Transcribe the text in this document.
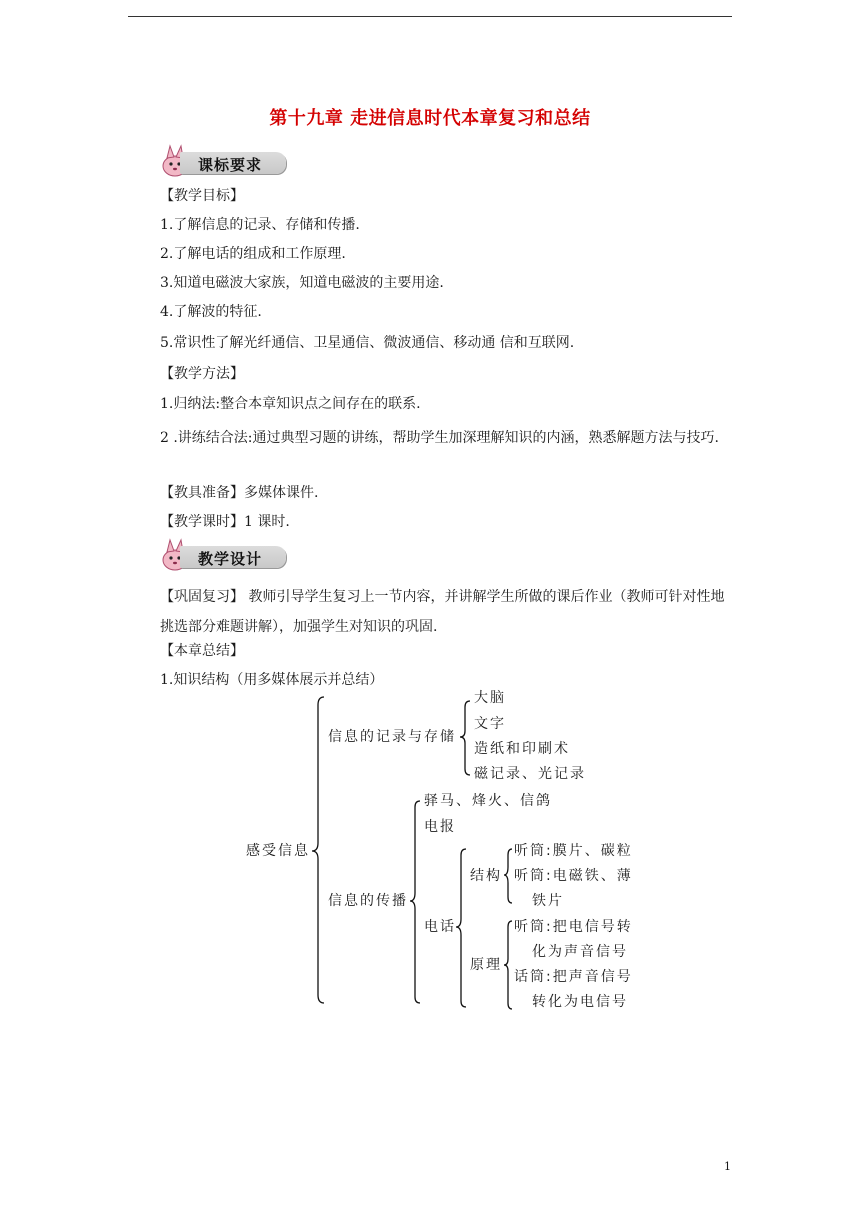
第十九章 走进信息时代本章复习和总结
课标要求
【教学目标】
1.了解信息的记录、存储和传播.
2.了解电话的组成和工作原理.
3.知道电磁波大家族，知道电磁波的主要用途.
4.了解波的特征.
5.常识性了解光纤通信、卫星通信、微波通信、移动通 信和互联网.
【教学方法】
1.归纳法:整合本章知识点之间存在的联系.
2 .讲练结合法:通过典型习题的讲练，帮助学生加深理解知识的内涵，熟悉解题方法与技巧.
【教具准备】多媒体课件.
【教学课时】1 课时.
教学设计
【巩固复习】 教师引导学生复习上一节内容，并讲解学生所做的课后作业（教师可针对性地挑选部分难题讲解），加强学生对知识的巩固.
【本章总结】
1.知识结构（用多媒体展示并总结）
感受信息
信息的记录与存储
大脑
文字
造纸和印刷术
磁记录、光记录
信息的传播
驿马、烽火、信鸽
电报
电话
结构
听筒:膜片、碳粒
听筒:电磁铁、薄
铁片
原理
听筒:把电信号转
化为声音信号
话筒:把声音信号
转化为电信号
1
